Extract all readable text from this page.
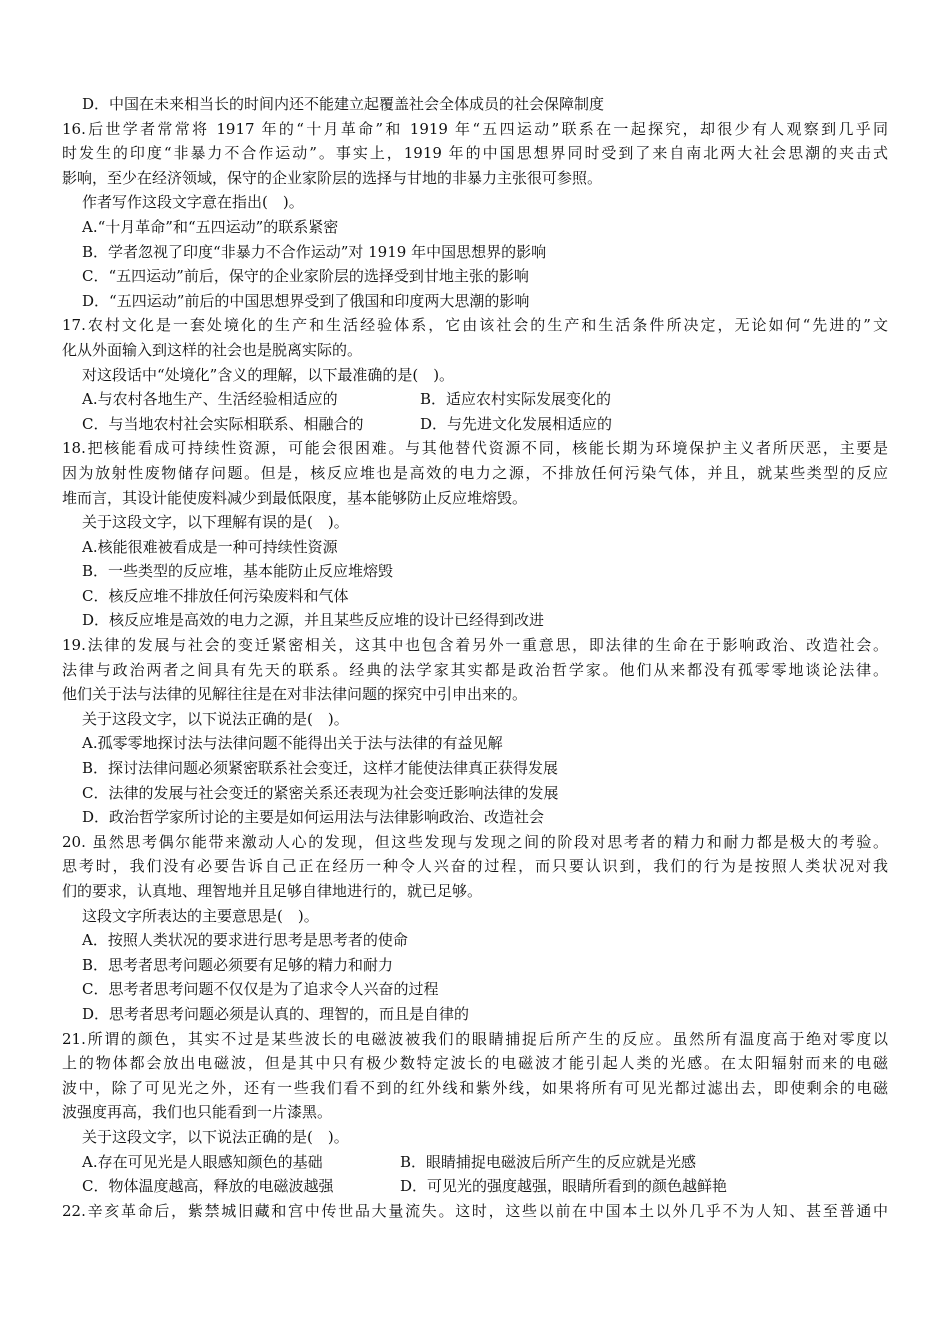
D．中国在未来相当长的时间内还不能建立起覆盖社会全体成员的社会保障制度
16.后世学者常常将 1917 年的“十月革命”和 1919 年“五四运动”联系在一起探究，却很少有人观察到几乎同
时发生的印度“非暴力不合作运动”。事实上，1919 年的中国思想界同时受到了来自南北两大社会思潮的夹击式
影响，至少在经济领域，保守的企业家阶层的选择与甘地的非暴力主张很可参照。
作者写作这段文字意在指出(　)。
A.“十月革命”和“五四运动”的联系紧密
B．学者忽视了印度“非暴力不合作运动”对 1919 年中国思想界的影响
C．“五四运动”前后，保守的企业家阶层的选择受到甘地主张的影响
D．“五四运动”前后的中国思想界受到了俄国和印度两大思潮的影响
17.农村文化是一套处境化的生产和生活经验体系，它由该社会的生产和生活条件所决定，无论如何“先进的”文
化从外面输入到这样的社会也是脱离实际的。
对这段话中“处境化”含义的理解，以下最准确的是(　)。
A.与农村各地生产、生活经验相适应的	B．适应农村实际发展变化的
C．与当地农村社会实际相联系、相融合的	D．与先进文化发展相适应的
18.把核能看成可持续性资源，可能会很困难。与其他替代资源不同，核能长期为环境保护主义者所厌恶，主要是
因为放射性废物储存问题。但是，核反应堆也是高效的电力之源，不排放任何污染气体，并且，就某些类型的反应
堆而言，其设计能使废料减少到最低限度，基本能够防止反应堆熔毁。
关于这段文字，以下理解有误的是(　)。
A.核能很难被看成是一种可持续性资源
B．一些类型的反应堆，基本能防止反应堆熔毁
C．核反应堆不排放任何污染废料和气体
D．核反应堆是高效的电力之源，并且某些反应堆的设计已经得到改进
19.法律的发展与社会的变迁紧密相关，这其中也包含着另外一重意思，即法律的生命在于影响政治、改造社会。
法律与政治两者之间具有先天的联系。经典的法学家其实都是政治哲学家。他们从来都没有孤零零地谈论法律。
他们关于法与法律的见解往往是在对非法律问题的探究中引申出来的。
关于这段文字，以下说法正确的是(　)。
A.孤零零地探讨法与法律问题不能得出关于法与法律的有益见解
B．探讨法律问题必须紧密联系社会变迁，这样才能使法律真正获得发展
C．法律的发展与社会变迁的紧密关系还表现为社会变迁影响法律的发展
D．政治哲学家所讨论的主要是如何运用法与法律影响政治、改造社会
20. 虽然思考偶尔能带来激动人心的发现，但这些发现与发现之间的阶段对思考者的精力和耐力都是极大的考验。
思考时，我们没有必要告诉自己正在经历一种令人兴奋的过程，而只要认识到，我们的行为是按照人类状况对我
们的要求，认真地、理智地并且足够自律地进行的，就已足够。
这段文字所表达的主要意思是(　)。
A．按照人类状况的要求进行思考是思考者的使命
B．思考者思考问题必须要有足够的精力和耐力
C．思考者思考问题不仅仅是为了追求令人兴奋的过程
D．思考者思考问题必须是认真的、理智的，而且是自律的
21.所谓的颜色，其实不过是某些波长的电磁波被我们的眼睛捕捉后所产生的反应。虽然所有温度高于绝对零度以
上的物体都会放出电磁波，但是其中只有极少数特定波长的电磁波才能引起人类的光感。在太阳辐射而来的电磁
波中，除了可见光之外，还有一些我们看不到的红外线和紫外线，如果将所有可见光都过滤出去，即使剩余的电磁
波强度再高，我们也只能看到一片漆黑。
关于这段文字，以下说法正确的是(　)。
A.存在可见光是人眼感知颜色的基础	B．眼睛捕捉电磁波后所产生的反应就是光感
C．物体温度越高，释放的电磁波越强	D．可见光的强度越强，眼睛所看到的颜色越鲜艳
22.辛亥革命后，紫禁城旧藏和宫中传世品大量流失。这时，这些以前在中国本土以外几乎不为人知、甚至普通中
